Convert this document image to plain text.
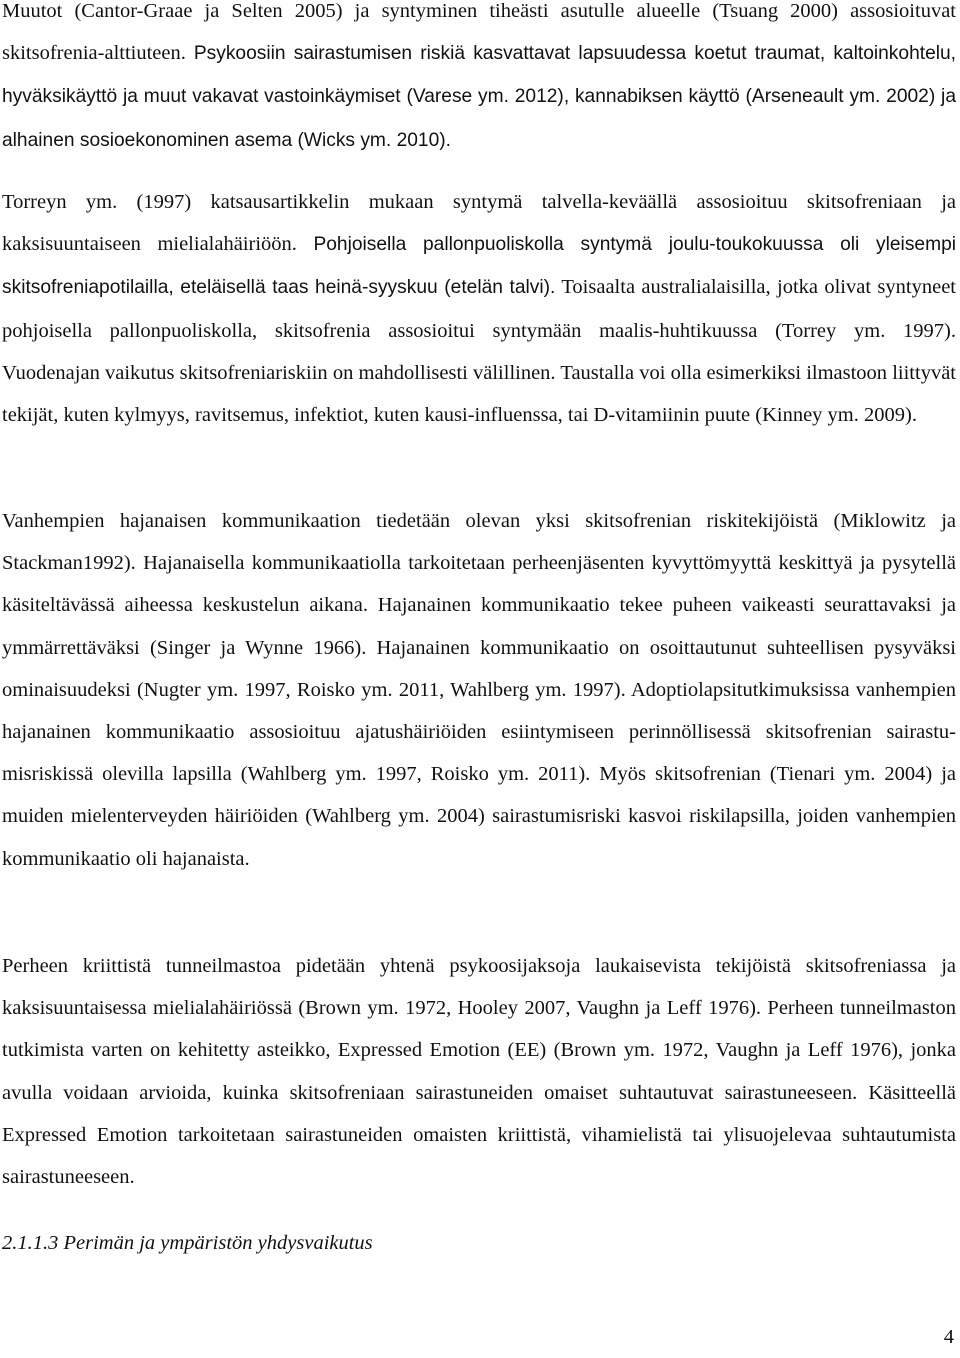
Muutot (Cantor-Graae ja Selten 2005) ja syntyminen tiheästi asutulle alueelle (Tsuang 2000) assosioituvat skitsofrenia-alttiuteen. Psykoosiin sairastumisen riskiä kasvattavat lapsuudessa koetut traumat, kaltoinkohtelu, hyväksikäyttö ja muut vakavat vastoinkäymiset (Varese ym. 2012), kannabiksen käyttö (Arseneault ym. 2002) ja alhainen sosioekonominen asema (Wicks ym. 2010).

Torreyn ym. (1997) katsausartikkelin mukaan syntymä talvella-keväällä assosioituu skitsofreniaan ja kaksisuuntaiseen mielialahäiriöön. Pohjoisella pallonpuoliskolla syntymä joulu-toukokuussa oli yleisempi skitsofreniapotilailla, eteläisellä taas heinä-syyskuu (etelän talvi). Toisaalta australialaisilla, jotka olivat syntyneet pohjoisella pallonpuoliskolla, skitsofrenia assosioitui syntymään maalis-huhtikuussa (Torrey ym. 1997). Vuodenajan vaikutus skitsofreniariskiin on mahdollisesti välillinen. Taustalla voi olla esimerkiksi ilmastoon liittyvät tekijät, kuten kylmyys, ravitsemus, infektiot, kuten kausi-influenssa, tai D-vitamiinin puute (Kinney ym. 2009).

Vanhempien hajanaisen kommunikaation tiedetään olevan yksi skitsofrenian riskitekijöistä (Miklowitz ja Stackman1992). Hajanaisella kommunikaatiolla tarkoitetaan perheenjäsenten kyvyttömyyttä keskittyä ja pysytellä käsiteltävässä aiheessa keskustelun aikana. Hajanainen kommunikaatio tekee puheen vaikeasti seurattavaksi ja ymmärrettäväksi (Singer ja Wynne 1966). Hajanainen kommunikaatio on osoittautunut suhteellisen pysyväksi ominaisuudeksi (Nugter ym. 1997, Roisko ym. 2011, Wahlberg ym. 1997). Adoptiolapsitutkimuksissa vanhempien hajanainen kommunikaatio assosioituu ajatushäiriöiden esiintymiseen perinnöllisessä skitsofrenian sairastumisriskissä olevilla lapsilla (Wahlberg ym. 1997, Roisko ym. 2011). Myös skitsofrenian (Tienari ym. 2004) ja muiden mielenterveyden häiriöiden (Wahlberg ym. 2004) sairastumisriski kasvoi riskilapsilla, joiden vanhempien kommunikaatio oli hajanaista.

Perheen kriittistä tunneilmastoa pidetään yhtenä psykoosijaksoja laukaisevista tekijöistä skitsofreniassa ja kaksisuuntaisessa mielialahäiriössä (Brown ym. 1972, Hooley 2007, Vaughn ja Leff 1976). Perheen tunneilmaston tutkimista varten on kehitetty asteikko, Expressed Emotion (EE) (Brown ym. 1972, Vaughn ja Leff 1976), jonka avulla voidaan arvioida, kuinka skitsofreniaan sairastuneiden omaiset suhtautuvat sairastuneeseen. Käsitteellä Expressed Emotion tarkoitetaan sairastuneiden omaisten kriittistä, vihamielistä tai ylisuojelevaa suhtautumista sairastuneeseen.

2.1.1.3 Perimän ja ympäristön yhdysvaikutus
4
